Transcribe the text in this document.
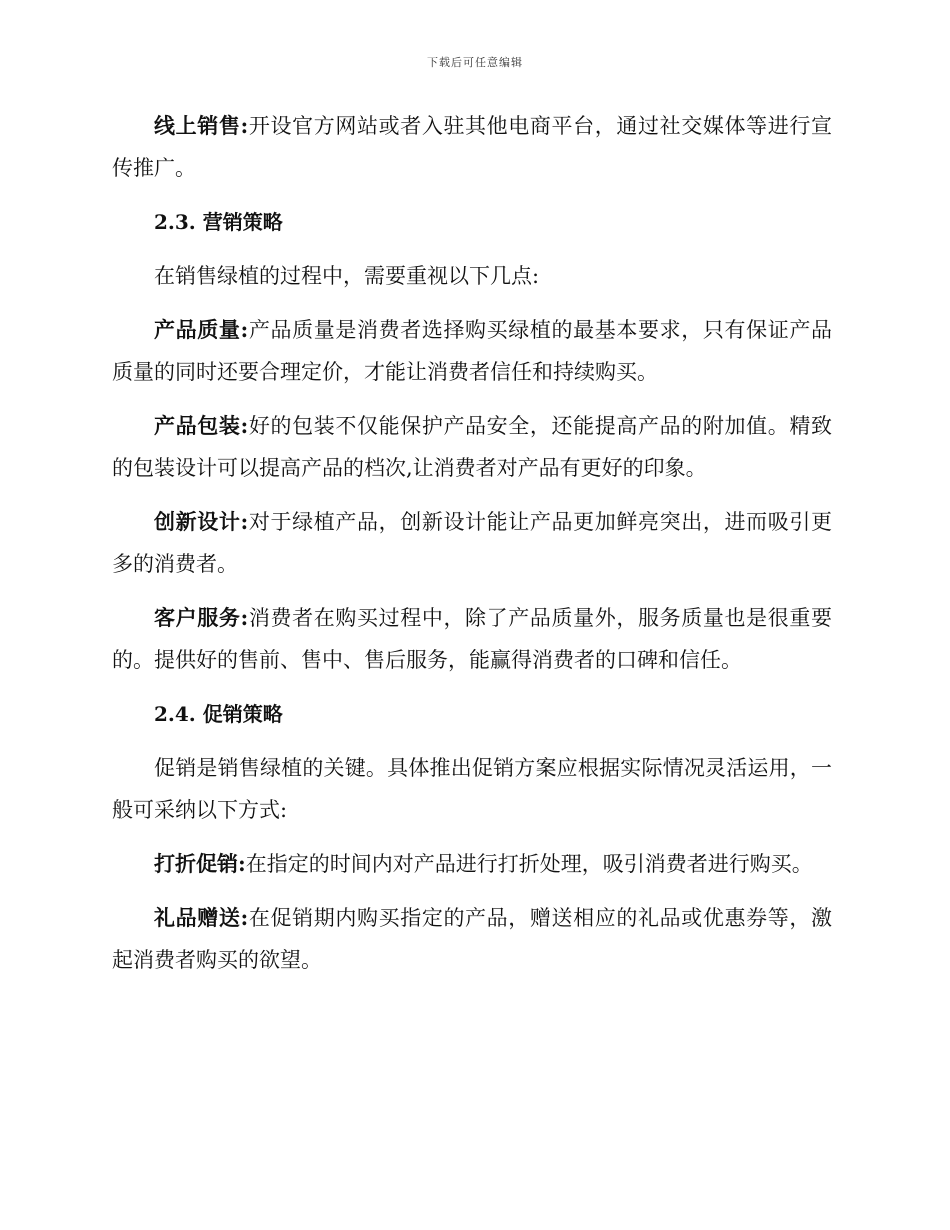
下载后可任意编辑

线上销售:开设官方网站或者入驻其他电商平台，通过社交媒体等进行宣传推广。

2.3. 营销策略

在销售绿植的过程中，需要重视以下几点:

产品质量:产品质量是消费者选择购买绿植的最基本要求，只有保证产品质量的同时还要合理定价，才能让消费者信任和持续购买。

产品包装:好的包装不仅能保护产品安全，还能提高产品的附加值。精致的包装设计可以提高产品的档次,让消费者对产品有更好的印象。

创新设计:对于绿植产品，创新设计能让产品更加鲜亮突出，进而吸引更多的消费者。

客户服务:消费者在购买过程中，除了产品质量外，服务质量也是很重要的。提供好的售前、售中、售后服务，能赢得消费者的口碑和信任。

2.4. 促销策略

促销是销售绿植的关键。具体推出促销方案应根据实际情况灵活运用，一般可采纳以下方式:

打折促销:在指定的时间内对产品进行打折处理，吸引消费者进行购买。

礼品赠送:在促销期内购买指定的产品，赠送相应的礼品或优惠券等，激起消费者购买的欲望。
